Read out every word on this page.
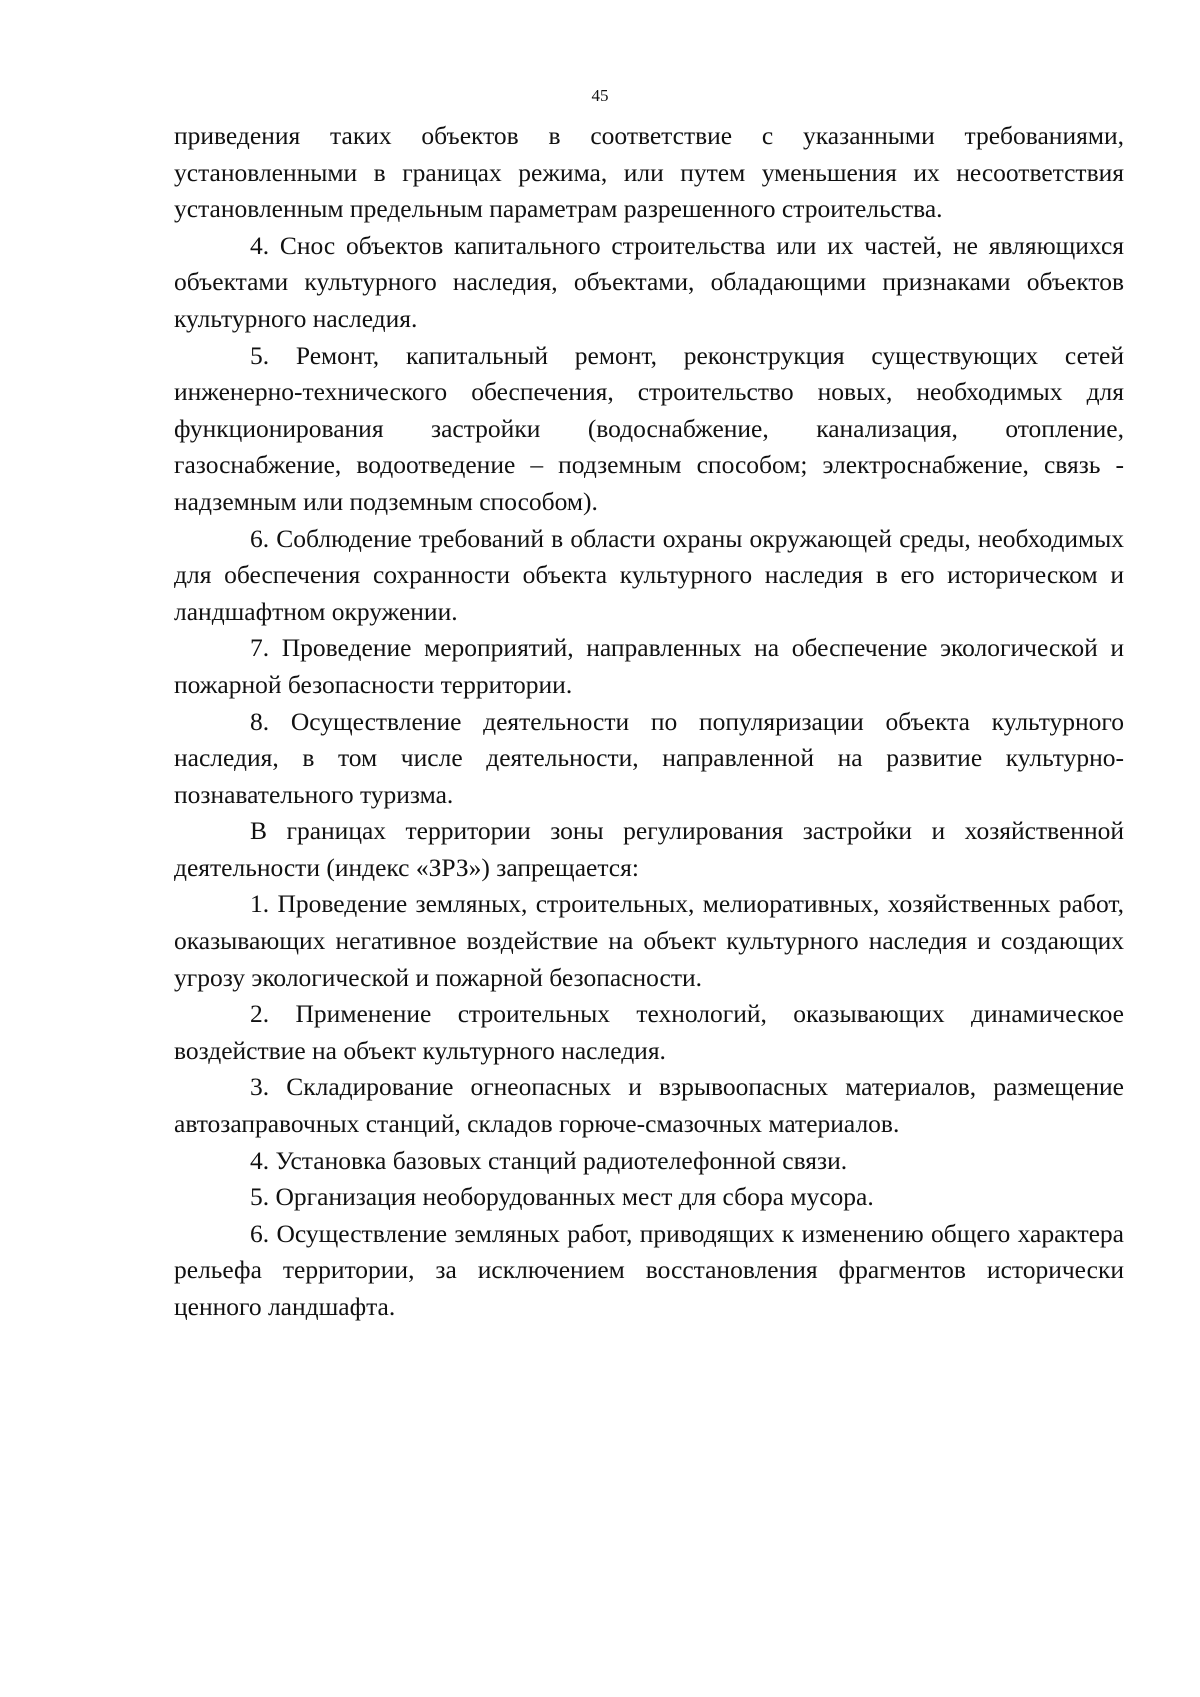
45

приведения таких объектов в соответствие с указанными требованиями, установленными в границах режима, или путем уменьшения их несоответствия установленным предельным параметрам разрешенного строительства.

4. Снос объектов капитального строительства или их частей, не являющихся объектами культурного наследия, объектами, обладающими признаками объектов культурного наследия.

5. Ремонт, капитальный ремонт, реконструкция существующих сетей инженерно-технического обеспечения, строительство новых, необходимых для функционирования застройки (водоснабжение, канализация, отопление, газоснабжение, водоотведение – подземным способом; электроснабжение, связь - надземным или подземным способом).

6. Соблюдение требований в области охраны окружающей среды, необходимых для обеспечения сохранности объекта культурного наследия в его историческом и ландшафтном окружении.

7. Проведение мероприятий, направленных на обеспечение экологической и пожарной безопасности территории.

8. Осуществление деятельности по популяризации объекта культурного наследия, в том числе деятельности, направленной на развитие культурно-познавательного туризма.

В границах территории зоны регулирования застройки и хозяйственной деятельности (индекс «ЗРЗ») запрещается:

1. Проведение земляных, строительных, мелиоративных, хозяйственных работ, оказывающих негативное воздействие на объект культурного наследия и создающих угрозу экологической и пожарной безопасности.

2. Применение строительных технологий, оказывающих динамическое воздействие на объект культурного наследия.

3. Складирование огнеопасных и взрывоопасных материалов, размещение автозаправочных станций, складов горюче-смазочных материалов.

4. Установка базовых станций радиотелефонной связи.

5. Организация необорудованных мест для сбора мусора.

6. Осуществление земляных работ, приводящих к изменению общего характера рельефа территории, за исключением восстановления фрагментов исторически ценного ландшафта.
